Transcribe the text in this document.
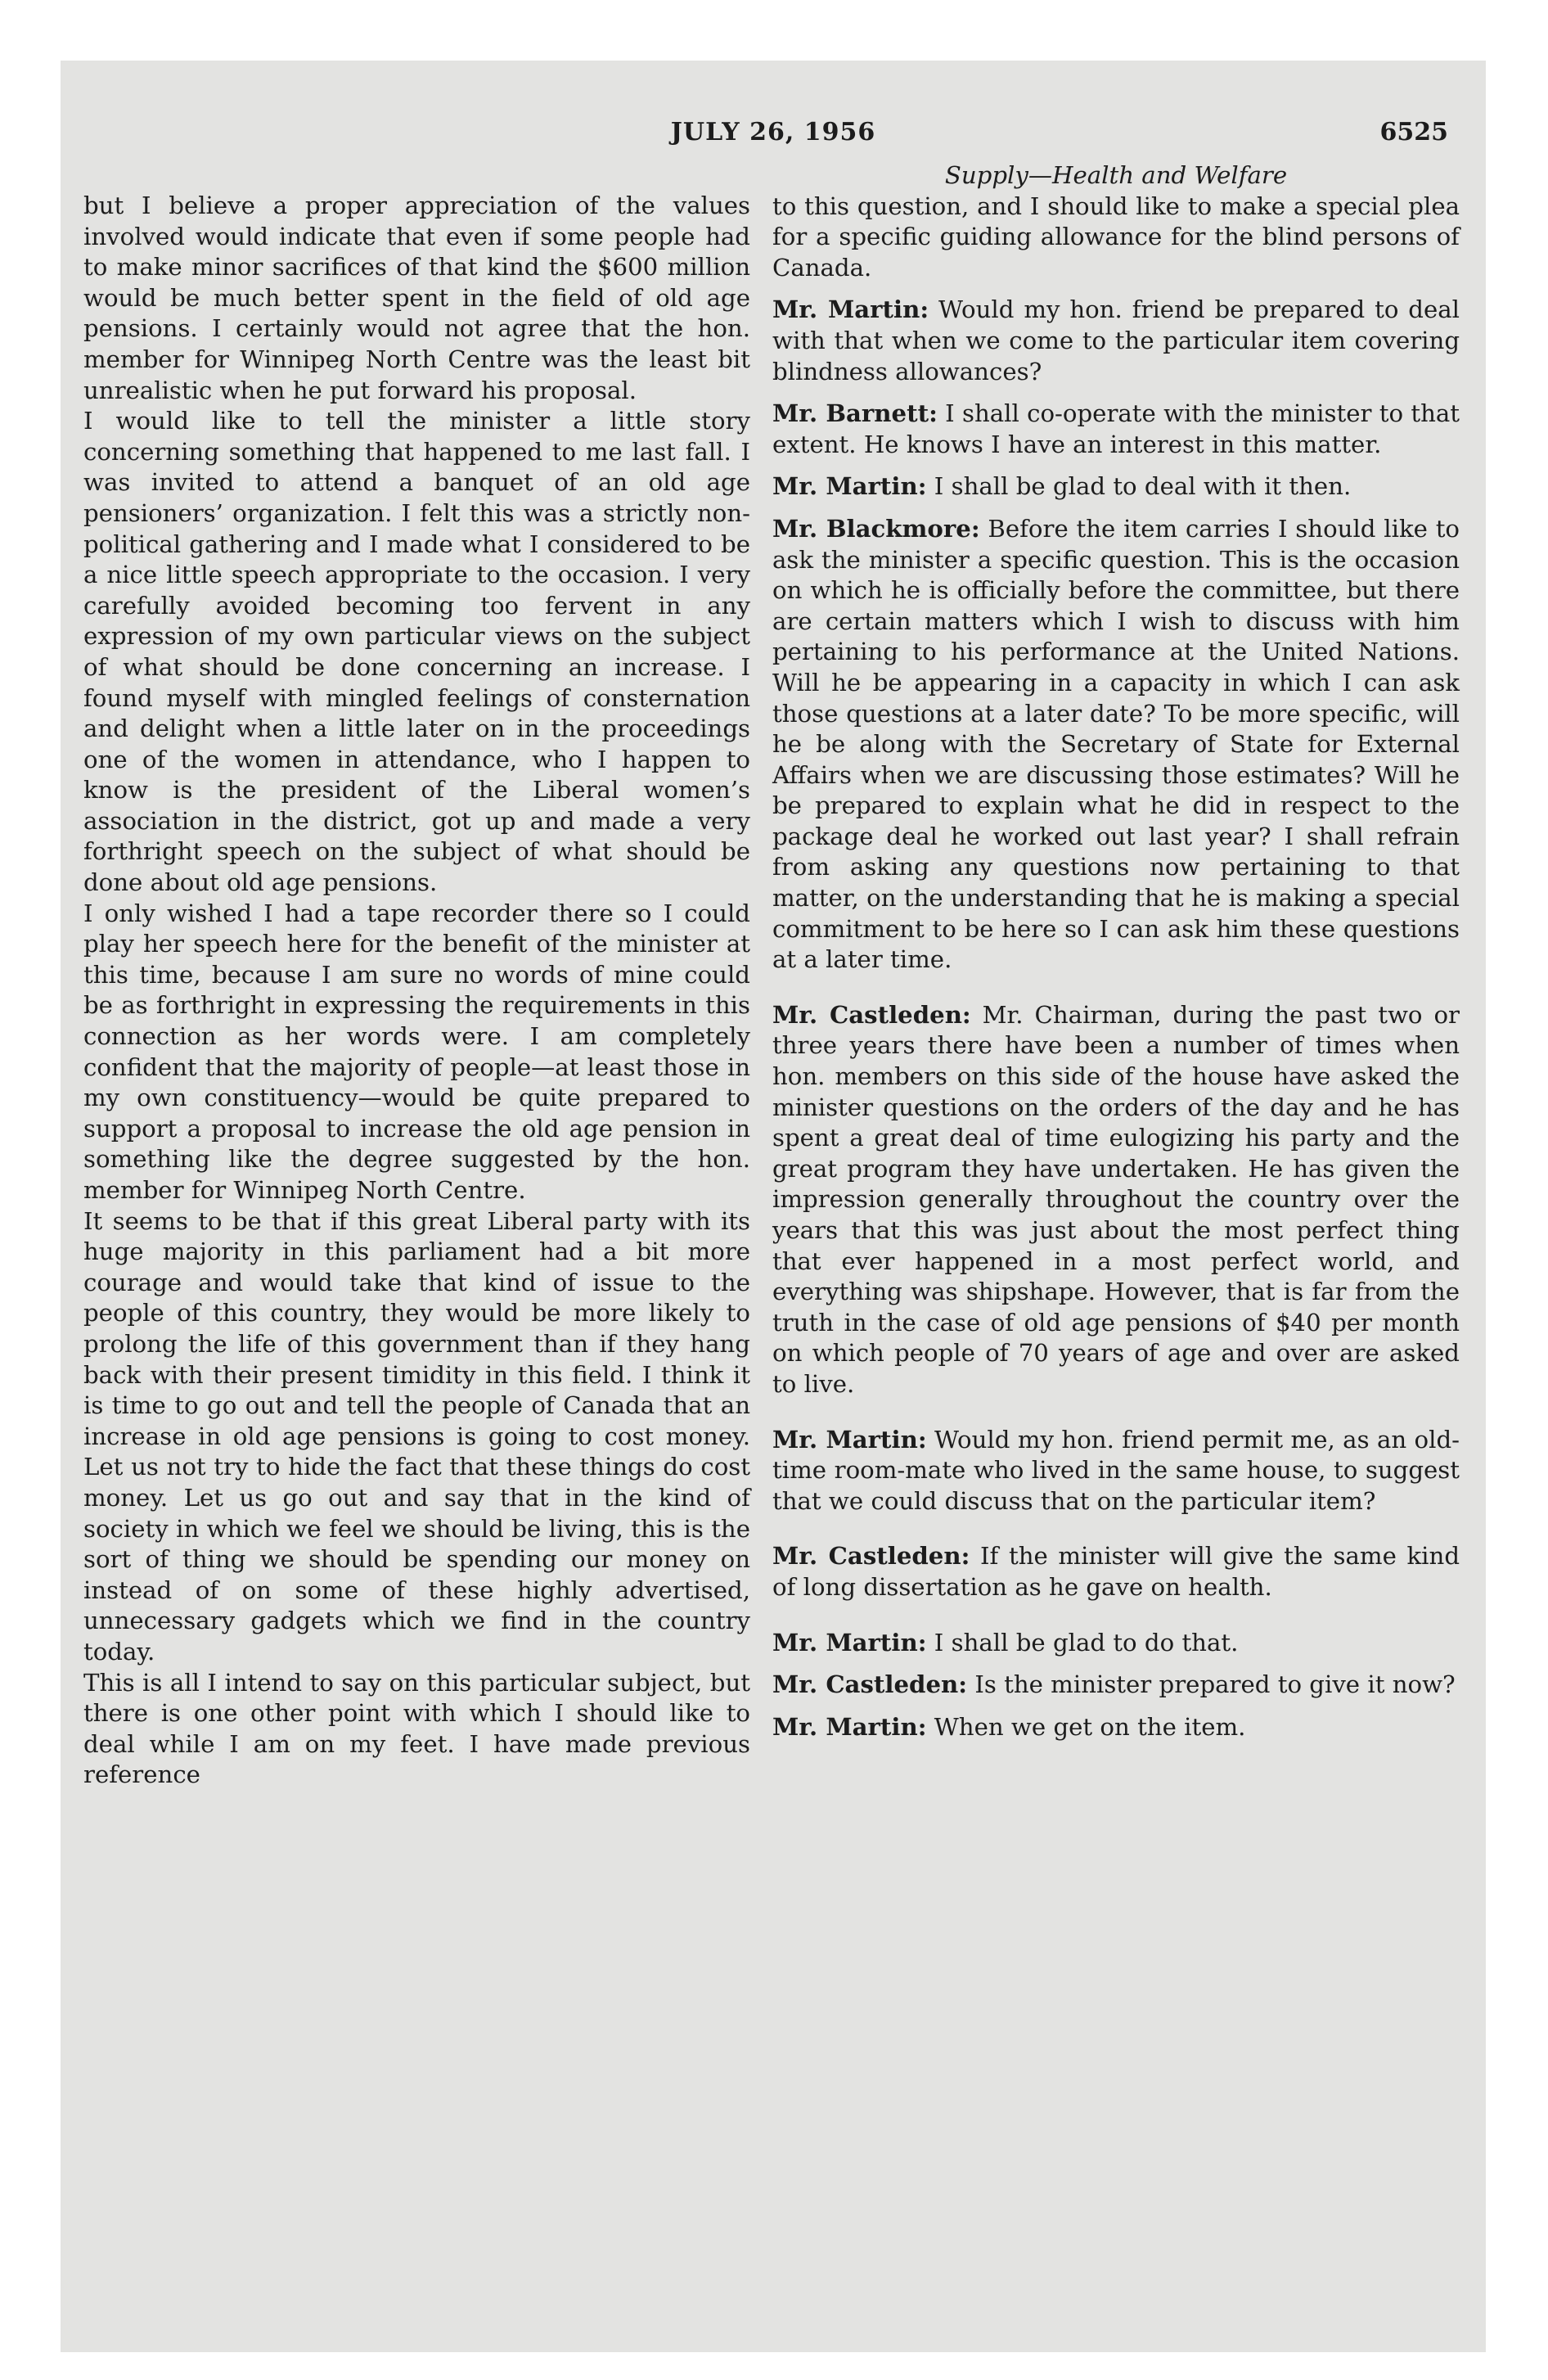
JULY 26, 1956	6525

but I believe a proper appreciation of the values involved would indicate that even if some people had to make minor sacrifices of that kind the $600 million would be much better spent in the field of old age pensions. I certainly would not agree that the hon. member for Winnipeg North Centre was the least bit unrealistic when he put forward his proposal.

I would like to tell the minister a little story concerning something that happened to me last fall. I was invited to attend a banquet of an old age pensioners’ organization. I felt this was a strictly non-political gathering and I made what I considered to be a nice little speech appropriate to the occasion. I very carefully avoided becoming too fervent in any expression of my own particular views on the subject of what should be done concerning an increase. I found myself with mingled feelings of consternation and delight when a little later on in the proceedings one of the women in attendance, who I happen to know is the president of the Liberal women’s association in the district, got up and made a very forthright speech on the subject of what should be done about old age pensions.

I only wished I had a tape recorder there so I could play her speech here for the benefit of the minister at this time, because I am sure no words of mine could be as forthright in expressing the requirements in this connection as her words were. I am completely confident that the majority of people—at least those in my own constituency—would be quite prepared to support a proposal to increase the old age pension in something like the degree suggested by the hon. member for Winnipeg North Centre.

It seems to be that if this great Liberal party with its huge majority in this parliament had a bit more courage and would take that kind of issue to the people of this country, they would be more likely to prolong the life of this government than if they hang back with their present timidity in this field. I think it is time to go out and tell the people of Canada that an increase in old age pensions is going to cost money. Let us not try to hide the fact that these things do cost money. Let us go out and say that in the kind of society in which we feel we should be living, this is the sort of thing we should be spending our money on instead of on some of these highly advertised, unnecessary gadgets which we find in the country today.

This is all I intend to say on this particular subject, but there is one other point with which I should like to deal while I am on my feet. I have made previous reference

Supply—Health and Welfare

to this question, and I should like to make a special plea for a specific guiding allowance for the blind persons of Canada.

Mr. Martin: Would my hon. friend be prepared to deal with that when we come to the particular item covering blindness allowances?

Mr. Barnett: I shall co-operate with the minister to that extent. He knows I have an interest in this matter.

Mr. Martin: I shall be glad to deal with it then.

Mr. Blackmore: Before the item carries I should like to ask the minister a specific question. This is the occasion on which he is officially before the committee, but there are certain matters which I wish to discuss with him pertaining to his performance at the United Nations. Will he be appearing in a capacity in which I can ask those questions at a later date? To be more specific, will he be along with the Secretary of State for External Affairs when we are discussing those estimates? Will he be prepared to explain what he did in respect to the package deal he worked out last year? I shall refrain from asking any questions now pertaining to that matter, on the understanding that he is making a special commitment to be here so I can ask him these questions at a later time.

Mr. Castleden: Mr. Chairman, during the past two or three years there have been a number of times when hon. members on this side of the house have asked the minister questions on the orders of the day and he has spent a great deal of time eulogizing his party and the great program they have undertaken. He has given the impression generally throughout the country over the years that this was just about the most perfect thing that ever happened in a most perfect world, and everything was shipshape. However, that is far from the truth in the case of old age pensions of $40 per month on which people of 70 years of age and over are asked to live.

Mr. Martin: Would my hon. friend permit me, as an old-time room-mate who lived in the same house, to suggest that we could discuss that on the particular item?

Mr. Castleden: If the minister will give the same kind of long dissertation as he gave on health.

Mr. Martin: I shall be glad to do that.

Mr. Castleden: Is the minister prepared to give it now?

Mr. Martin: When we get on the item.
